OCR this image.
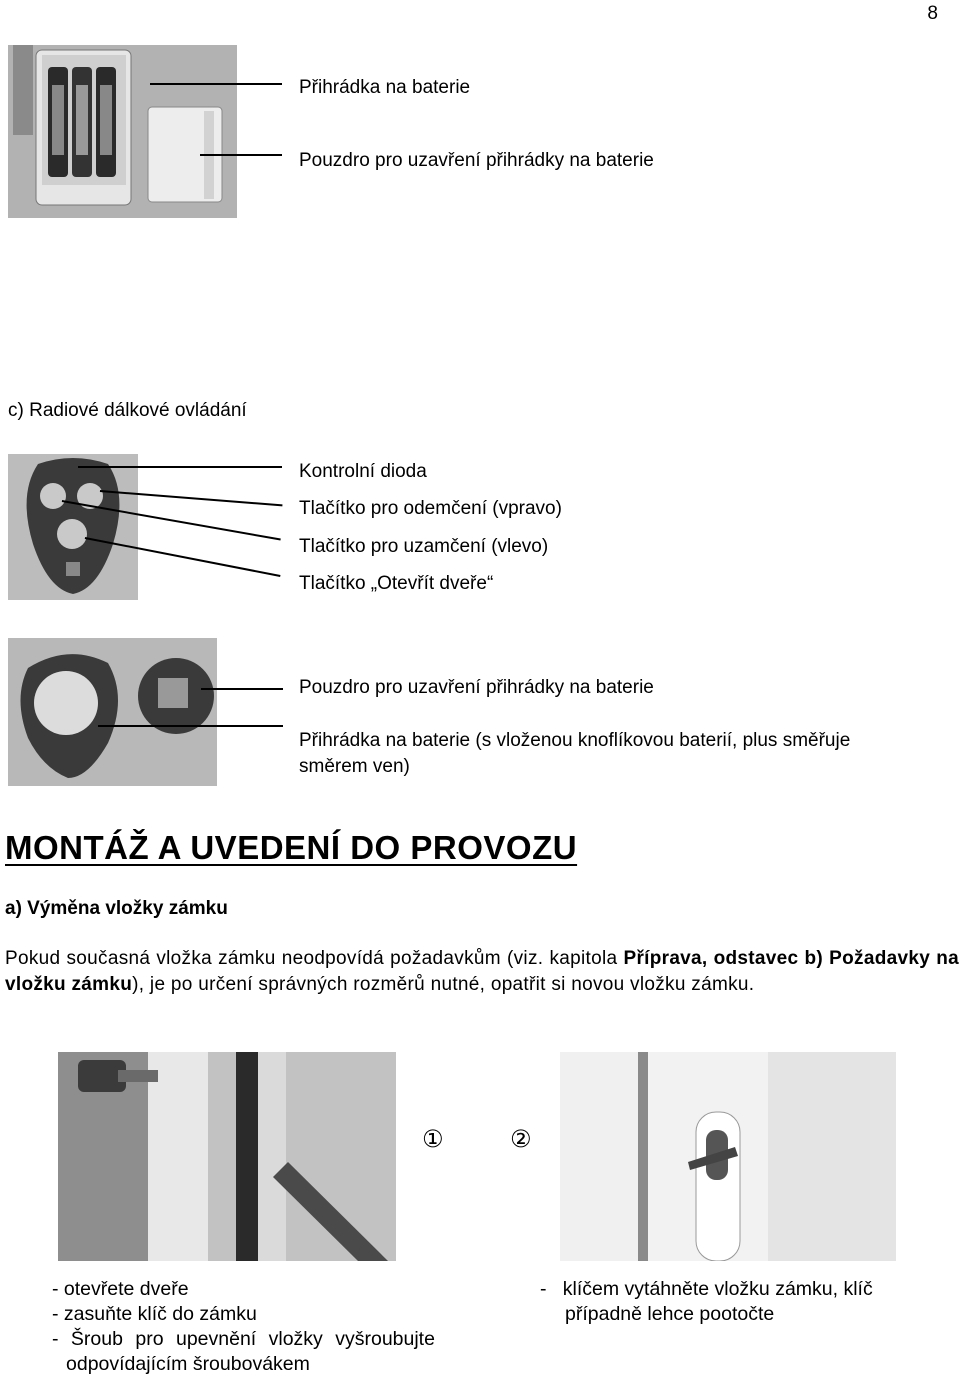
8
Přihrádka na baterie
Pouzdro pro uzavření přihrádky na baterie
c) Radiové dálkové ovládání
Kontrolní dioda
Tlačítko pro odemčení (vpravo)
Tlačítko pro uzamčení (vlevo)
Tlačítko „Otevřít dveře“
Pouzdro pro uzavření přihrádky na baterie
Přihrádka na baterie (s vloženou knoflíkovou baterií, plus směřuje
směrem ven)
MONTÁŽ A UVEDENÍ DO PROVOZU
a) Výměna vložky zámku
Pokud současná vložka zámku neodpovídá požadavkům (viz. kapitola Příprava, odstavec b) Požadavky na vložku zámku), je po určení správných rozměrů nutné, opatřit si novou vložku zámku.
①	②
- otevřete dveře
- zasuňte klíč do zámku
- Šroub pro upevnění vložky vyšroubujte
odpovídajícím šroubovákem
- klíčem vytáhněte vložku zámku, klíč
případně lehce pootočte
